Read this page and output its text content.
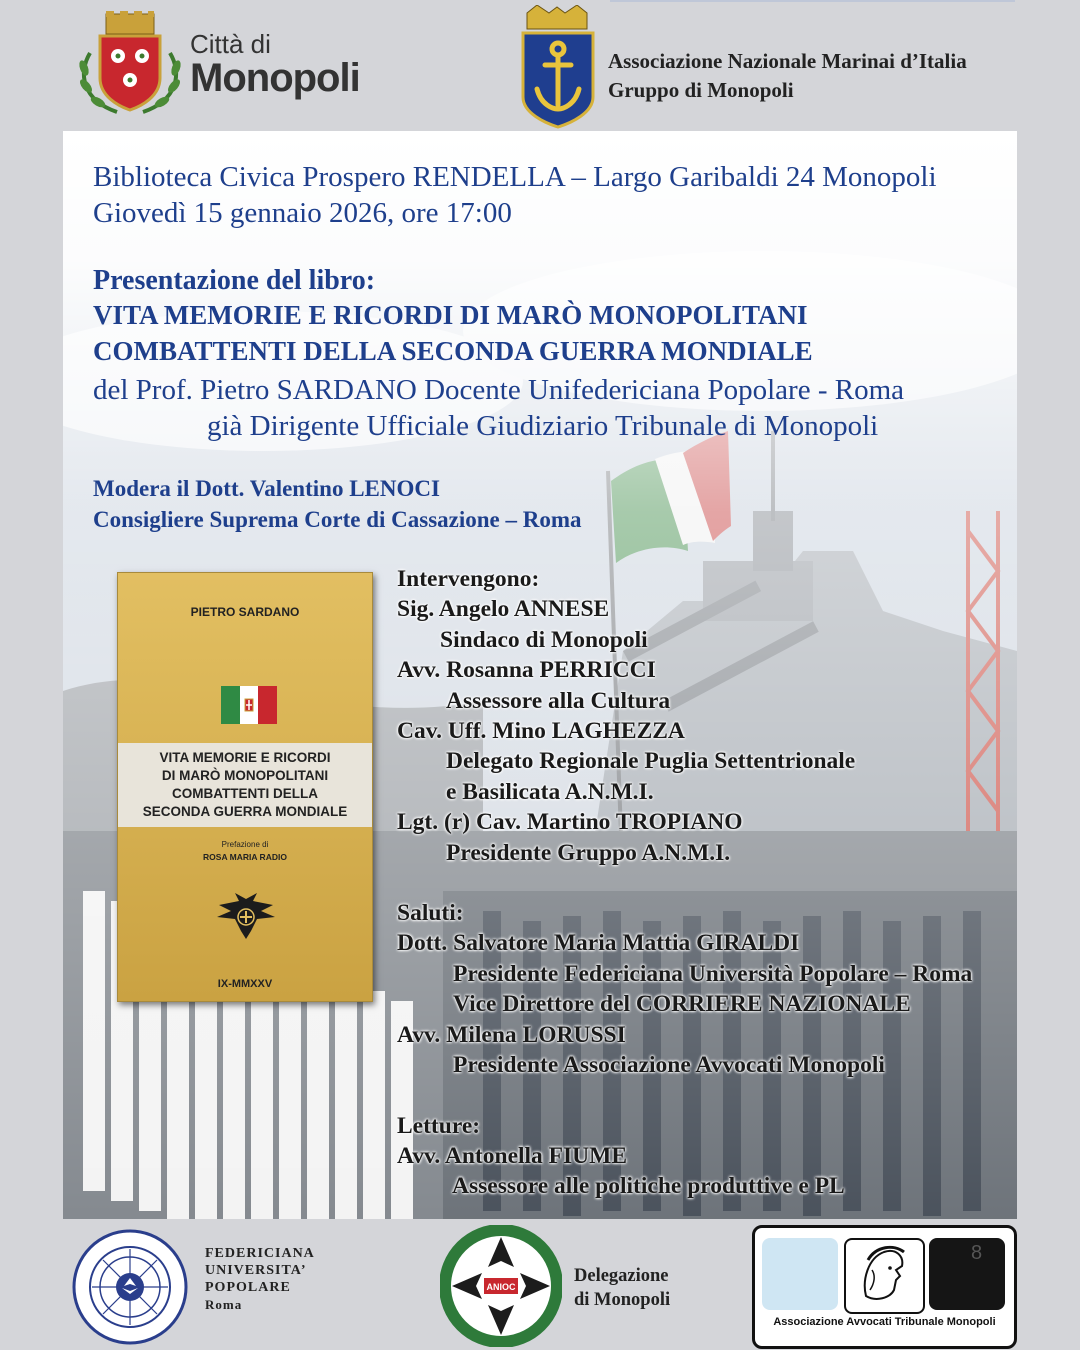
Città di
Monopoli	Associazione Nazionale Marinai d’Italia
Gruppo di Monopoli
Biblioteca Civica Prospero RENDELLA – Largo Garibaldi 24 Monopoli
Giovedì 15 gennaio 2026, ore 17:00
Presentazione del libro:
VITA MEMORIE E RICORDI DI MARÒ MONOPOLITANI
COMBATTENTI DELLA SECONDA GUERRA MONDIALE
del Prof. Pietro SARDANO Docente Unifedericiana Popolare - Roma
già Dirigente Ufficiale Giudiziario Tribunale di Monopoli
Modera il Dott. Valentino LENOCI
Consigliere Suprema Corte di Cassazione – Roma
Intervengono:
Sig. Angelo ANNESE
Sindaco di Monopoli
Avv. Rosanna PERRICCI
Assessore alla Cultura
Cav. Uff. Mino LAGHEZZA
Delegato Regionale Puglia Settentrionale
e Basilicata A.N.M.I.
Lgt. (r) Cav. Martino TROPIANO
Presidente Gruppo A.N.M.I.
Saluti:
Dott. Salvatore Maria Mattia GIRALDI
Presidente Federiciana Università Popolare – Roma
Vice Direttore del CORRIERE NAZIONALE
Avv. Milena LORUSSI
Presidente Associazione Avvocati Monopoli
Letture:
Avv. Antonella FIUME
Assessore alle politiche produttive e PL
PIETRO SARDANO
VITA MEMORIE E RICORDI
DI MARÒ MONOPOLITANI
COMBATTENTI DELLA
SECONDA GUERRA MONDIALE
Prefazione di
ROSA MARIA RADIO
IX-MMXXV
FEDERICIANA
UNIVERSITA’
POPOLARE
Roma
ANIOC
Delegazione
di Monopoli
8
Associazione Avvocati Tribunale Monopoli
